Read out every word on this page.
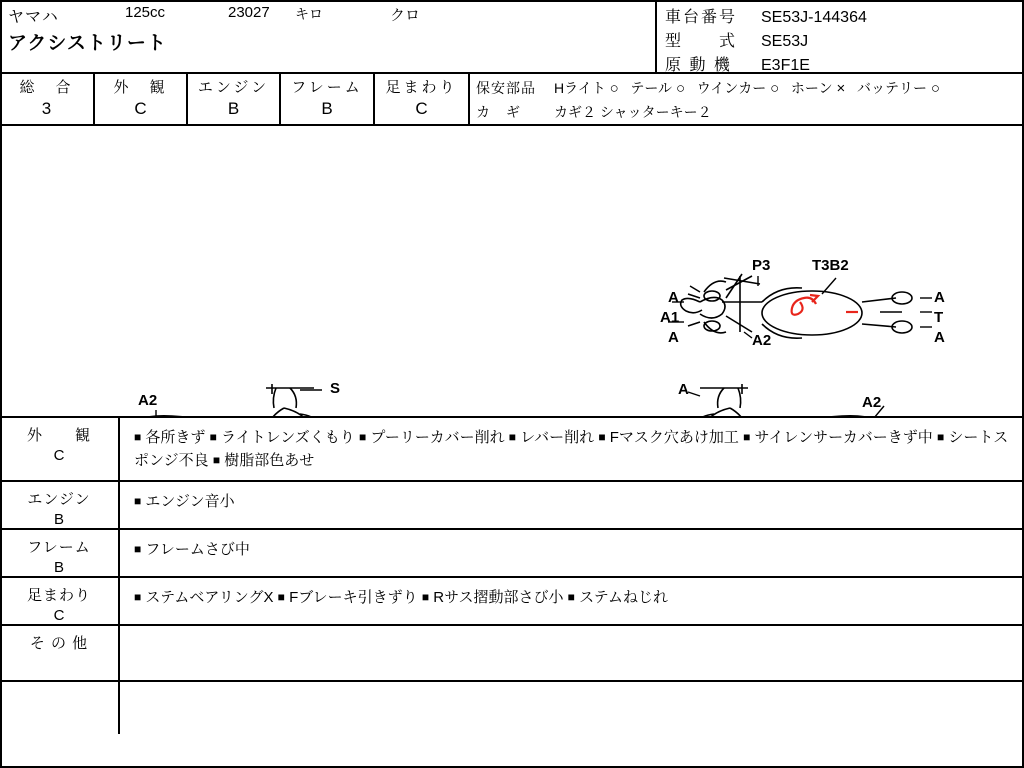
ヤマハ
アクシストリート
125cc	23027 キロ	クロ	車台番号 SE53J-144364
型　　式 SE53J
原 動 機 E3F1E
総　合
3
外　観
C
エンジン
B
フレーム
B
足まわり
C
保安部品 Hライト ○ テール ○ ウインカー ○ ホーン × バッテリー ○
カ　ギ カギ２ シャッターキー２
P3	T3B2
A
A1
A	A2
A
T
A
A2
S	A
A2
外　　観
C
■ 各所きず ■ ライトレンズくもり ■ プーリーカバー削れ ■ レバー削れ ■ Fマスク穴あけ加工 ■ サイレンサーカバーきず中 ■ シートスポンジ不良 ■ 樹脂部色あせ
エンジン
B
■ エンジン音小
フレーム
B
■ フレームさび中
足まわり
C
■ ステムベアリングX ■ Fブレーキ引きずり ■ Rサス摺動部さび小 ■ ステムねじれ
そ の 他
